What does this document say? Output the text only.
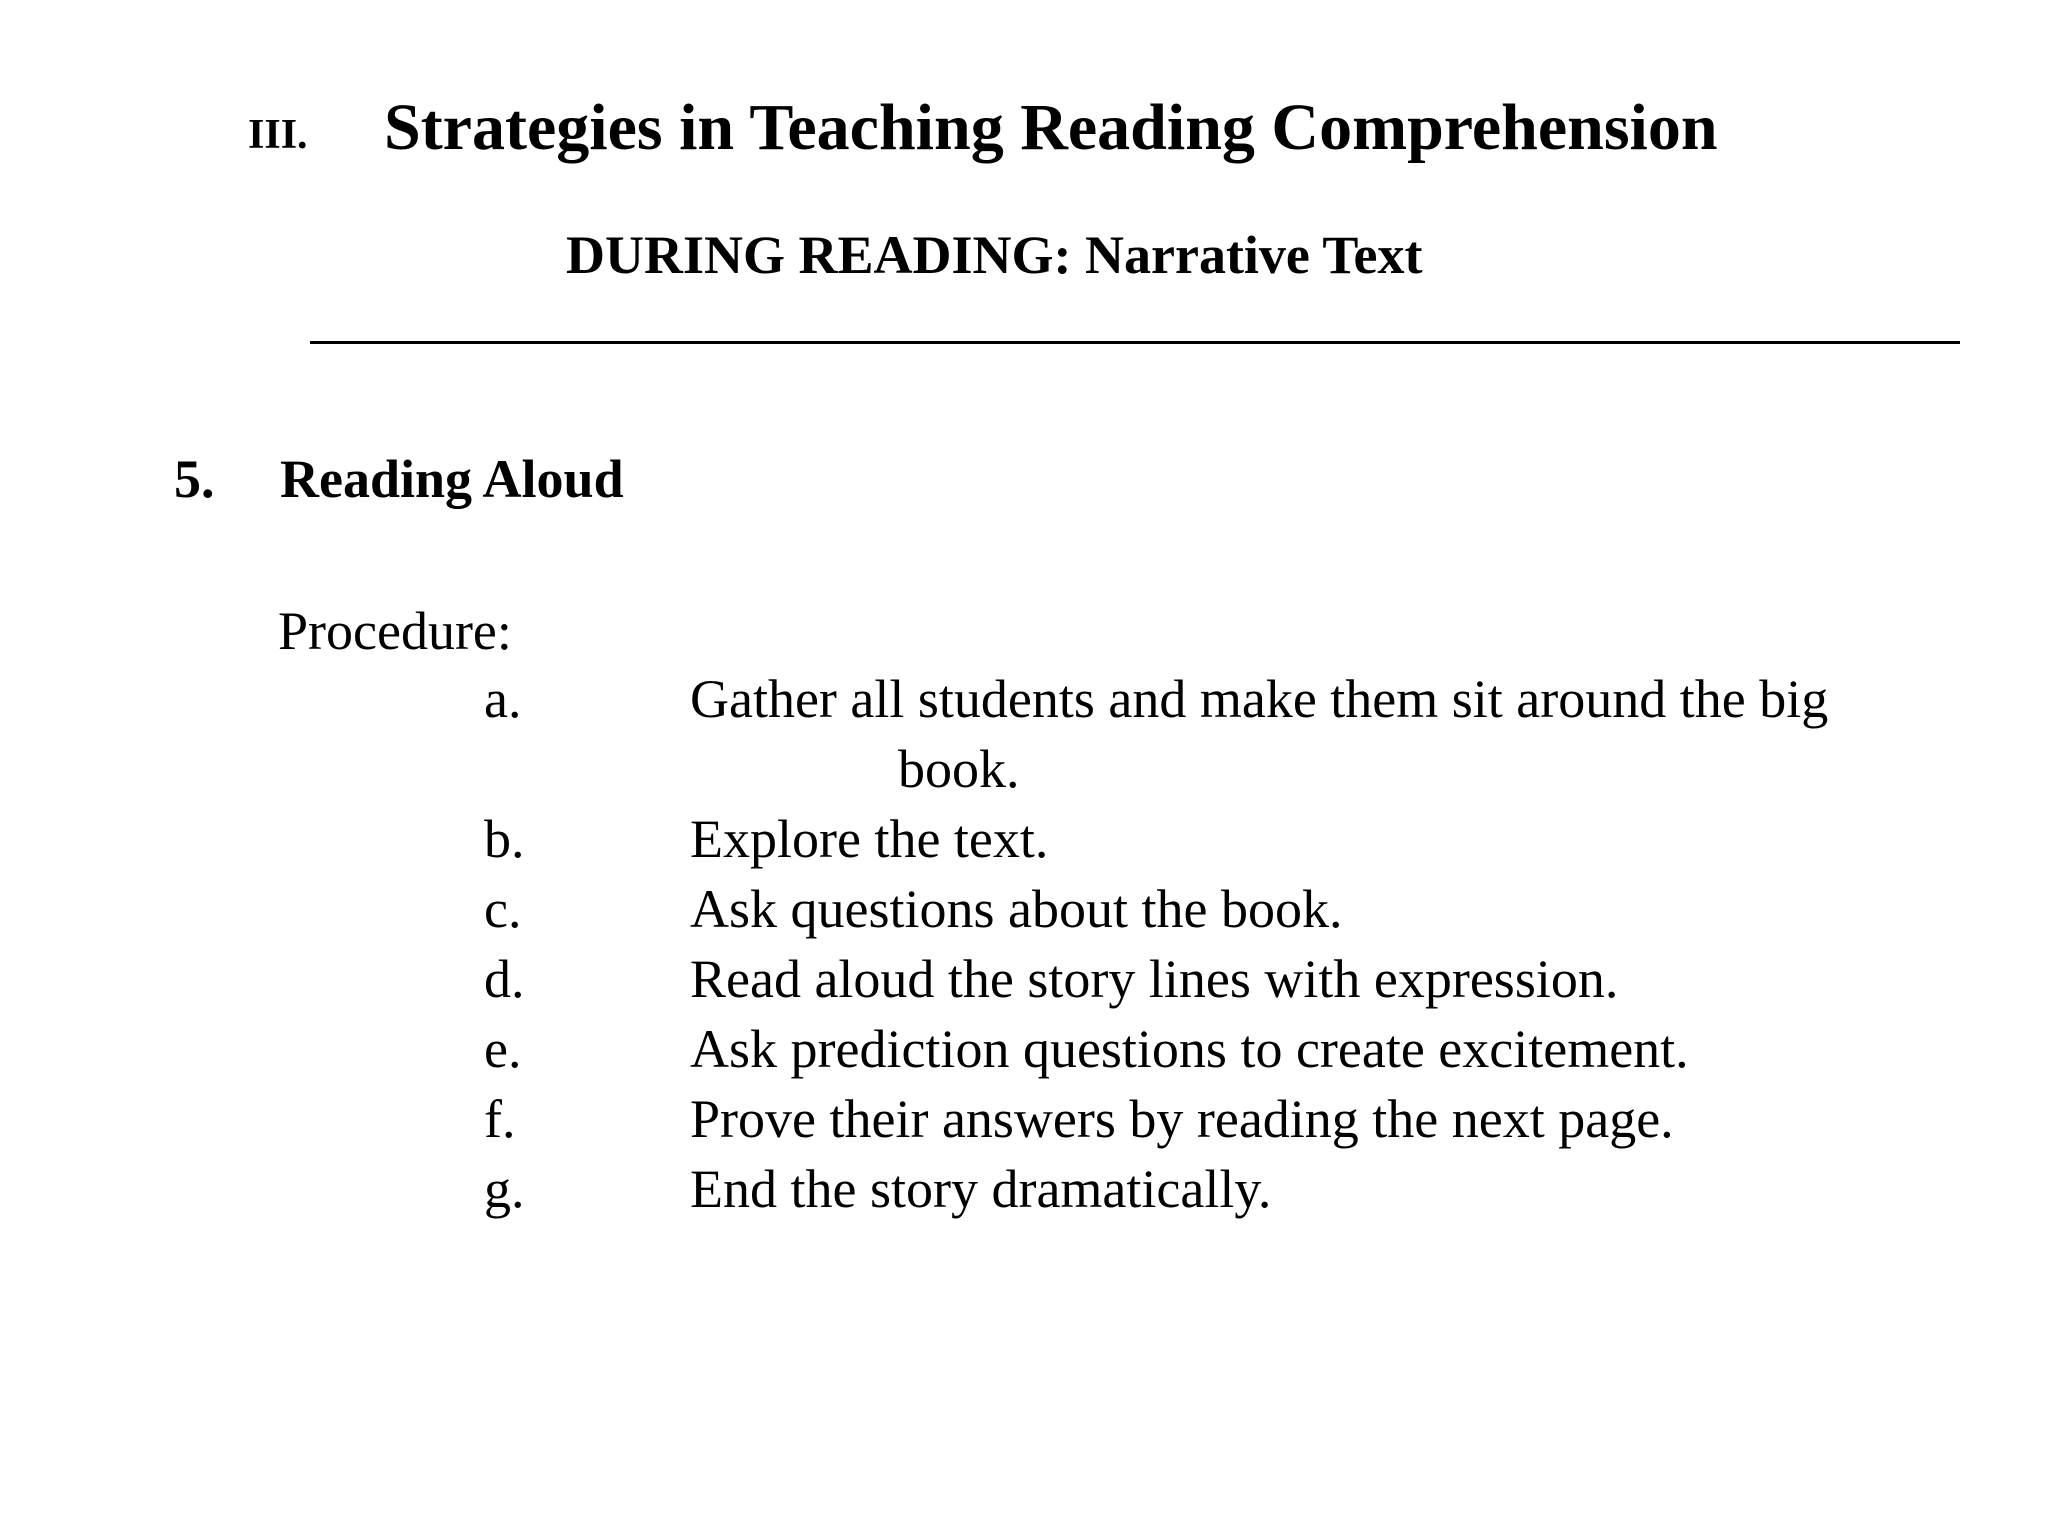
III. Strategies in Teaching Reading Comprehension
DURING READING: Narrative Text
5. Reading Aloud
Procedure:
a.	Gather all students and make them sit around the big
book.
b.	Explore the text.
c.	Ask questions about the book.
d.	Read aloud the story lines with expression.
e.	Ask prediction questions to create excitement.
f.	Prove their answers by reading the next page.
g.	End the story dramatically.
